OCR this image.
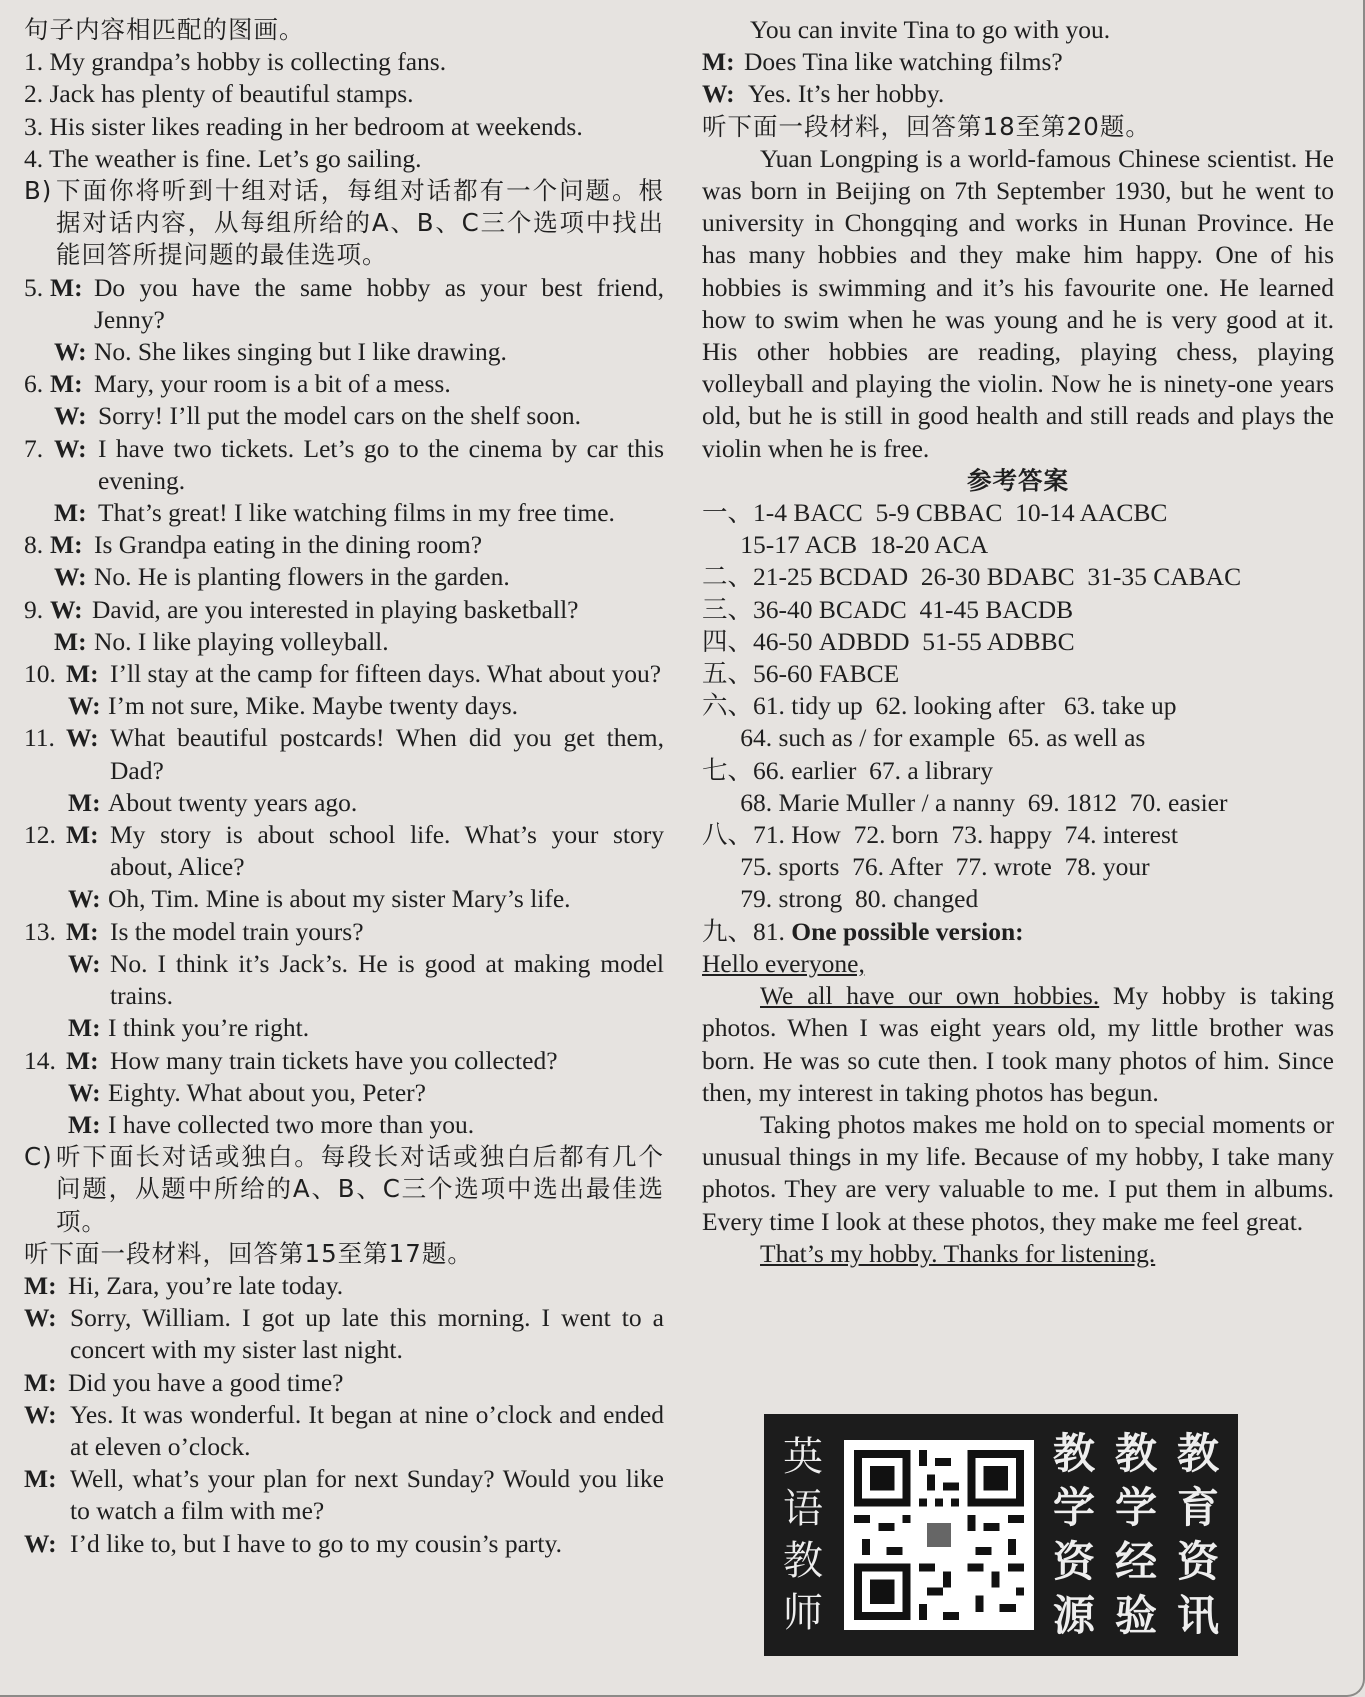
句子内容相匹配的图画。
1. My grandpa’s hobby is collecting fans.
2. Jack has plenty of beautiful stamps.
3. His sister likes reading in her bedroom at weekends.
4. The weather is fine. Let’s go sailing.
B) 下面你将听到十组对话，每组对话都有一个问题。根据对话内容，从每组所给的A、B、C三个选项中找出能回答所提问题的最佳选项。
5. M: Do you have the same hobby as your best friend, Jenny?
W: No. She likes singing but I like drawing.
6. M: Mary, your room is a bit of a mess.
W: Sorry! I’ll put the model cars on the shelf soon.
7. W: I have two tickets. Let’s go to the cinema by car this evening.
M: That’s great! I like watching films in my free time.
8. M: Is Grandpa eating in the dining room?
W: No. He is planting flowers in the garden.
9. W: David, are you interested in playing basketball?
M: No. I like playing volleyball.
10. M: I’ll stay at the camp for fifteen days. What about you?
W: I’m not sure, Mike. Maybe twenty days.
11. W: What beautiful postcards! When did you get them, Dad?
M: About twenty years ago.
12. M: My story is about school life. What’s your story about, Alice?
W: Oh, Tim. Mine is about my sister Mary’s life.
13. M: Is the model train yours?
W: No. I think it’s Jack’s. He is good at making model trains.
M: I think you’re right.
14. M: How many train tickets have you collected?
W: Eighty. What about you, Peter?
M: I have collected two more than you.
C) 听下面长对话或独白。每段长对话或独白后都有几个问题，从题中所给的A、B、C三个选项中选出最佳选项。
听下面一段材料，回答第15至第17题。
M: Hi, Zara, you’re late today.
W: Sorry, William. I got up late this morning. I went to a concert with my sister last night.
M: Did you have a good time?
W: Yes. It was wonderful. It began at nine o’clock and ended at eleven o’clock.
M: Well, what’s your plan for next Sunday? Would you like to watch a film with me?
W: I’d like to, but I have to go to my cousin’s party.
You can invite Tina to go with you.
M: Does Tina like watching films?
W: Yes. It’s her hobby.
听下面一段材料，回答第18至第20题。
Yuan Longping is a world-famous Chinese scientist. He was born in Beijing on 7th September 1930, but he went to university in Chongqing and works in Hunan Province. He has many hobbies and they make him happy. One of his hobbies is swimming and it’s his favourite one. He learned how to swim when he was young and he is very good at it. His other hobbies are reading, playing chess, playing volleyball and playing the violin. Now he is ninety-one years old, but he is still in good health and still reads and plays the violin when he is free.
参考答案
一、1-4 BACC  5-9 CBBAC  10-14 AACBC
15-17 ACB  18-20 ACA
二、21-25 BCDAD  26-30 BDABC  31-35 CABAC
三、36-40 BCADC  41-45 BACDB
四、46-50 ADBDD  51-55 ADBBC
五、56-60 FABCE
六、61. tidy up  62. looking after   63. take up
64. such as / for example  65. as well as
七、66. earlier  67. a library
68. Marie Muller / a nanny  69. 1812  70. easier
八、71. How  72. born  73. happy  74. interest
75. sports  76. After  77. wrote  78. your
79. strong  80. changed
九、81. One possible version:
Hello everyone,
We all have our own hobbies. My hobby is taking photos. When I was eight years old, my little brother was born. He was so cute then. I took many photos of him. Since then, my interest in taking photos has begun.
Taking photos makes me hold on to special moments or unusual things in my life. Because of my hobby, I take many photos. They are very valuable to me. I put them in albums. Every time I look at these photos, they make me feel great.
That’s my hobby. Thanks for listening.
英
语
教
师
教
学
资
源
教
学
经
验
教
育
资
讯
